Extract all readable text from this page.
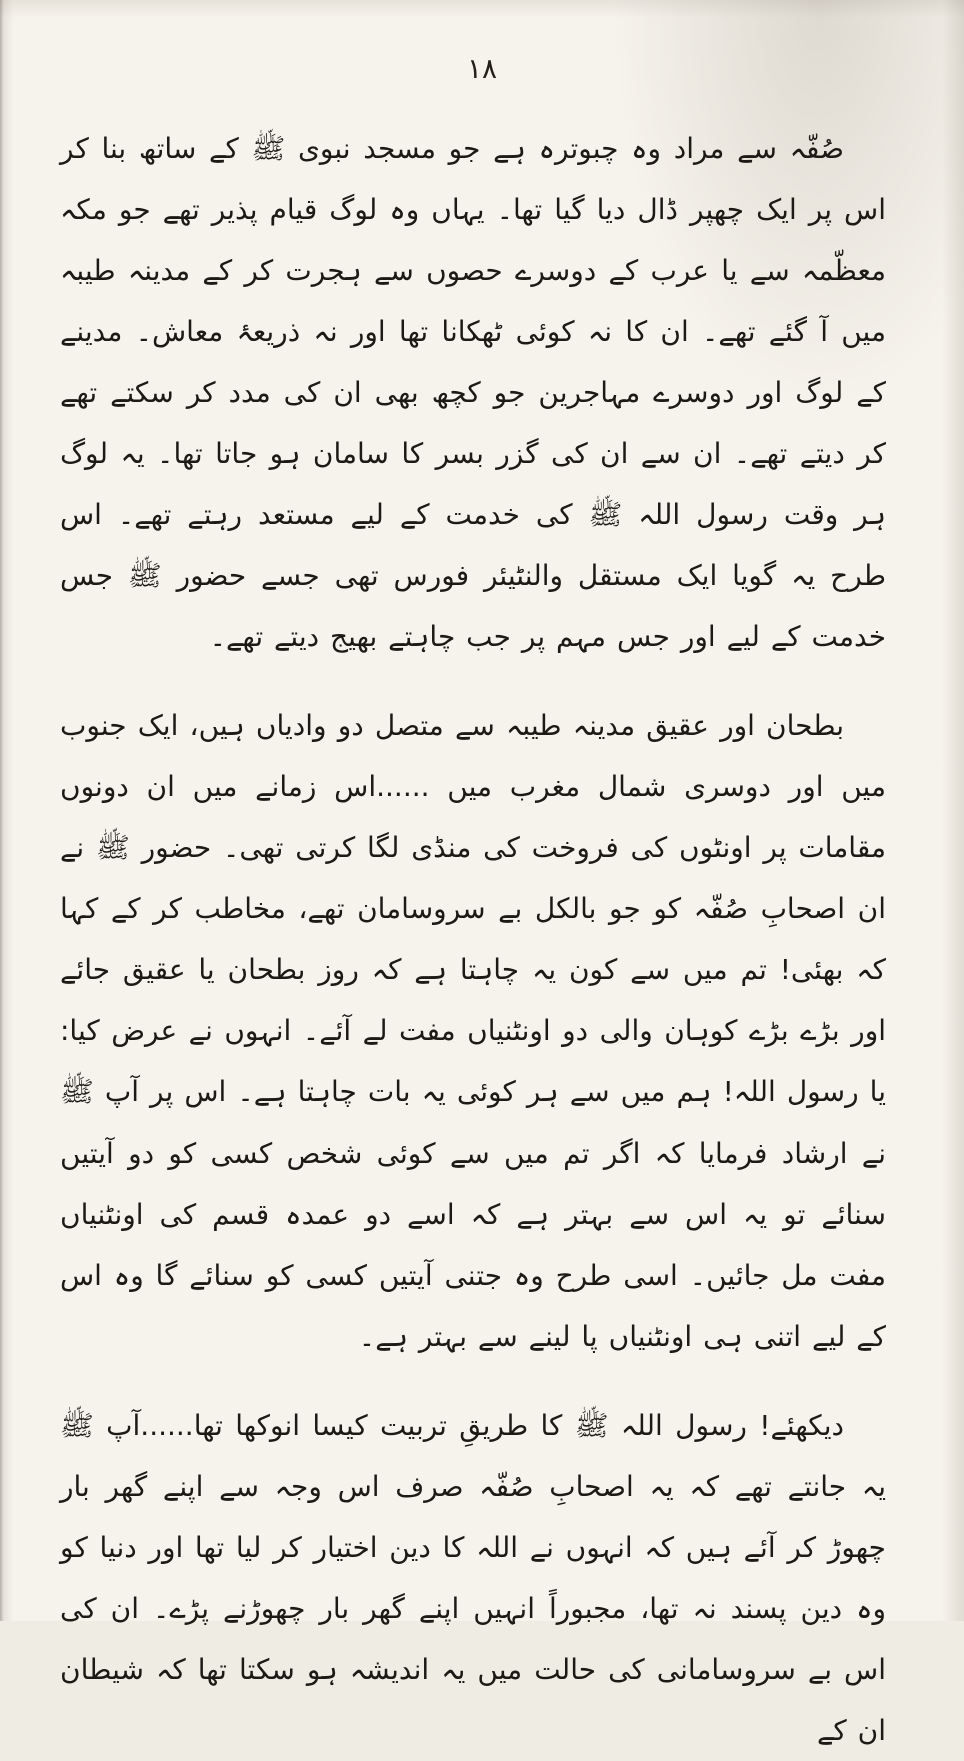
۱۸

صُفّہ سے مراد وہ چبوترہ ہے جو مسجد نبوی ﷺ کے ساتھ بنا کر اس پر ایک چھپر ڈال دیا گیا تھا۔ یہاں وہ لوگ قیام پذیر تھے جو مکہ معظّمہ سے یا عرب کے دوسرے حصوں سے ہجرت کر کے مدینہ طیبہ میں آ گئے تھے۔ ان کا نہ کوئی ٹھکانا تھا اور نہ ذریعۂ معاش۔ مدینے کے لوگ اور دوسرے مہاجرین جو کچھ بھی ان کی مدد کر سکتے تھے کر دیتے تھے۔ ان سے ان کی گزر بسر کا سامان ہو جاتا تھا۔ یہ لوگ ہر وقت رسول اللہ ﷺ کی خدمت کے لیے مستعد رہتے تھے۔ اس طرح یہ گویا ایک مستقل والنٹیئر فورس تھی جسے حضور ﷺ جس خدمت کے لیے اور جس مہم پر جب چاہتے بھیج دیتے تھے۔

بطحان اور عقیق مدینہ طیبہ سے متصل دو وادیاں ہیں، ایک جنوب میں اور دوسری شمال مغرب میں ......اس زمانے میں ان دونوں مقامات پر اونٹوں کی فروخت کی منڈی لگا کرتی تھی۔ حضور ﷺ نے ان اصحابِ صُفّہ کو جو بالکل بے سروسامان تھے، مخاطب کر کے کہا کہ بھئی! تم میں سے کون یہ چاہتا ہے کہ روز بطحان یا عقیق جائے اور بڑے بڑے کوہان والی دو اونٹنیاں مفت لے آئے۔ انہوں نے عرض کیا: یا رسول اللہ! ہم میں سے ہر کوئی یہ بات چاہتا ہے۔ اس پر آپ ﷺ نے ارشاد فرمایا کہ اگر تم میں سے کوئی شخص کسی کو دو آیتیں سنائے تو یہ اس سے بہتر ہے کہ اسے دو عمدہ قسم کی اونٹنیاں مفت مل جائیں۔ اسی طرح وہ جتنی آیتیں کسی کو سنائے گا وہ اس کے لیے اتنی ہی اونٹنیاں پا لینے سے بہتر ہے۔

دیکھئے! رسول اللہ ﷺ کا طریقِ تربیت کیسا انوکھا تھا......آپ ﷺ یہ جانتے تھے کہ یہ اصحابِ صُفّہ صرف اس وجہ سے اپنے گھر بار چھوڑ کر آئے ہیں کہ انہوں نے اللہ کا دین اختیار کر لیا تھا اور دنیا کو وہ دین پسند نہ تھا، مجبوراً انہیں اپنے گھر بار چھوڑنے پڑے۔ ان کی اس بے سروسامانی کی حالت میں یہ اندیشہ ہو سکتا تھا کہ شیطان ان کے
